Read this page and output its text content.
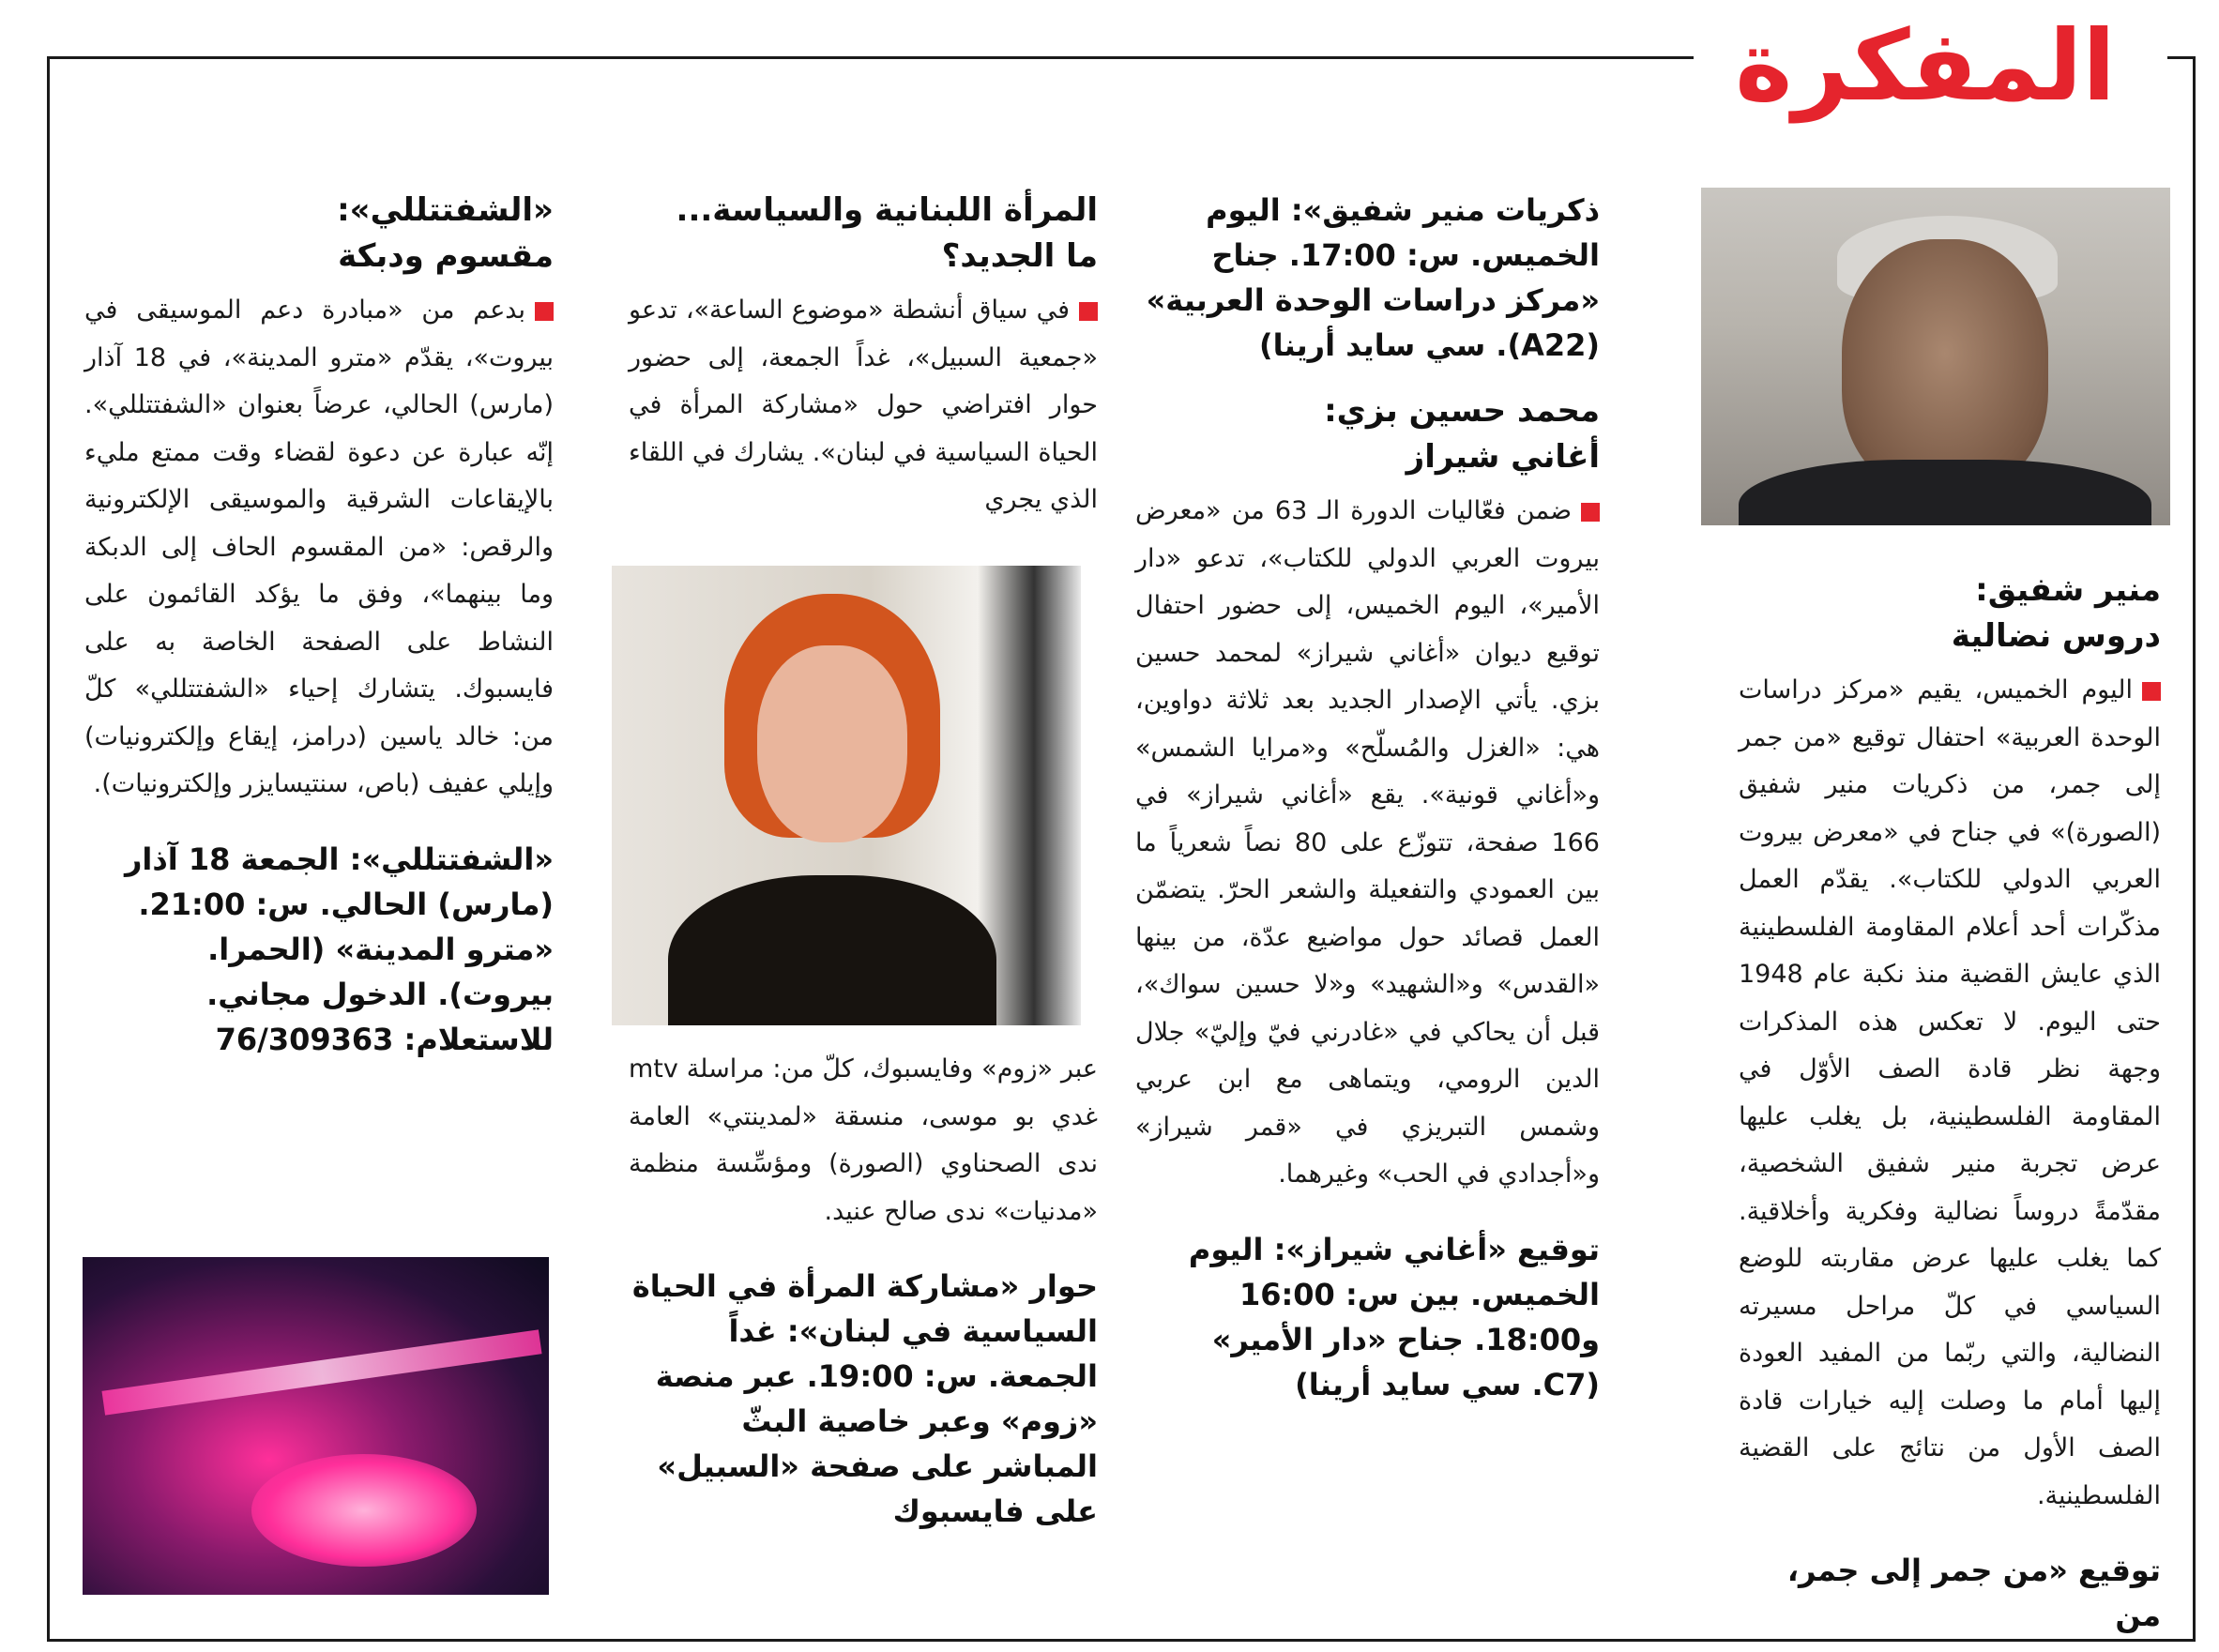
المفكرة
منير شفيق:
دروس نضالية

اليوم الخميس، يقيم «مركز دراسات الوحدة العربية» احتفال توقيع «من جمر إلى جمر، من ذكريات منير شفيق (الصورة)» في جناح في «معرض بيروت العربي الدولي للكتاب». يقدّم العمل مذكّرات أحد أعلام المقاومة الفلسطينية الذي عايش القضية منذ نكبة عام 1948 حتى اليوم. لا تعكس هذه المذكرات وجهة نظر قادة الصف الأوّل في المقاومة الفلسطينية، بل يغلب عليها عرض تجربة منير شفيق الشخصية، مقدّمةً دروساً نضالية وفكرية وأخلاقية. كما يغلب عليها عرض مقاربته للوضع السياسي في كلّ مراحل مسيرته النضالية، والتي ربّما من المفيد العودة إليها أمام ما وصلت إليه خيارات قادة الصف الأول من نتائج على القضية الفلسطينية.

توقيع «من جمر إلى جمر، من

ذكريات منير شفيق»: اليوم الخميس. س: 17:00. جناح «مركز دراسات الوحدة العربية» (A22). سي سايد أرينا)

محمد حسين بزي:
أغاني شيراز

ضمن فعّاليات الدورة الـ 63 من «معرض بيروت العربي الدولي للكتاب»، تدعو «دار الأمير»، اليوم الخميس، إلى حضور احتفال توقيع ديوان «أغاني شيراز» لمحمد حسين بزي. يأتي الإصدار الجديد بعد ثلاثة دواوين، هي: «الغزل والمُسلّح» و«مرايا الشمس» و«أغاني قونية». يقع «أغاني شيراز» في 166 صفحة، تتوزّع على 80 نصاً شعرياً ما بين العمودي والتفعيلة والشعر الحرّ. يتضمّن العمل قصائد حول مواضيع عدّة، من بينها «القدس» و«الشهيد» و«لا حسين سواك»، قبل أن يحاكي في «غادرني فيّ وإليّ» جلال الدين الرومي، ويتماهى مع ابن عربي وشمس التبريزي في «قمر شيراز» و«أجدادي في الحب» وغيرهما.

توقيع «أغاني شيراز»: اليوم الخميس. بين س: 16:00 و18:00. جناح «دار الأمير» (C7. سي سايد أرينا)

المرأة اللبنانية والسياسة...
ما الجديد؟

في سياق أنشطة «موضوع الساعة»، تدعو «جمعية السبيل»، غداً الجمعة، إلى حضور حوار افتراضي حول «مشاركة المرأة في الحياة السياسية في لبنان». يشارك في اللقاء الذي يجري

عبر «زوم» وفايسبوك، كلّ من: مراسلة mtv غدي بو موسى، منسقة «لمدينتي» العامة ندى الصحناوي (الصورة) ومؤسِّسة منظمة «مدنيات» ندى صالح عنيد.

حوار «مشاركة المرأة في الحياة السياسية في لبنان»: غداً الجمعة. س: 19:00. عبر منصة «زوم» وعبر خاصية البثّ المباشر على صفحة «السبيل» على فايسبوك

«الشفتتللي»:
مقسوم ودبكة

بدعم من «مبادرة دعم الموسيقى في بيروت»، يقدّم «مترو المدينة»، في 18 آذار (مارس) الحالي، عرضاً بعنوان «الشفتتللي». إنّه عبارة عن دعوة لقضاء وقت ممتع مليء بالإيقاعات الشرقية والموسيقى الإلكترونية والرقص: «من المقسوم الحاف إلى الدبكة وما بينهما»، وفق ما يؤكد القائمون على النشاط على الصفحة الخاصة به على فايسبوك. يتشارك إحياء «الشفتتللي» كلّ من: خالد ياسين (درامز، إيقاع وإلكترونيات) وإيلي عفيف (باص، سنتيسايزر وإلكترونيات).

«الشفتتللي»: الجمعة 18 آذار (مارس) الحالي. س: 21:00. «مترو المدينة» (الحمرا. بيروت). الدخول مجاني. للاستعلام: 76/309363
